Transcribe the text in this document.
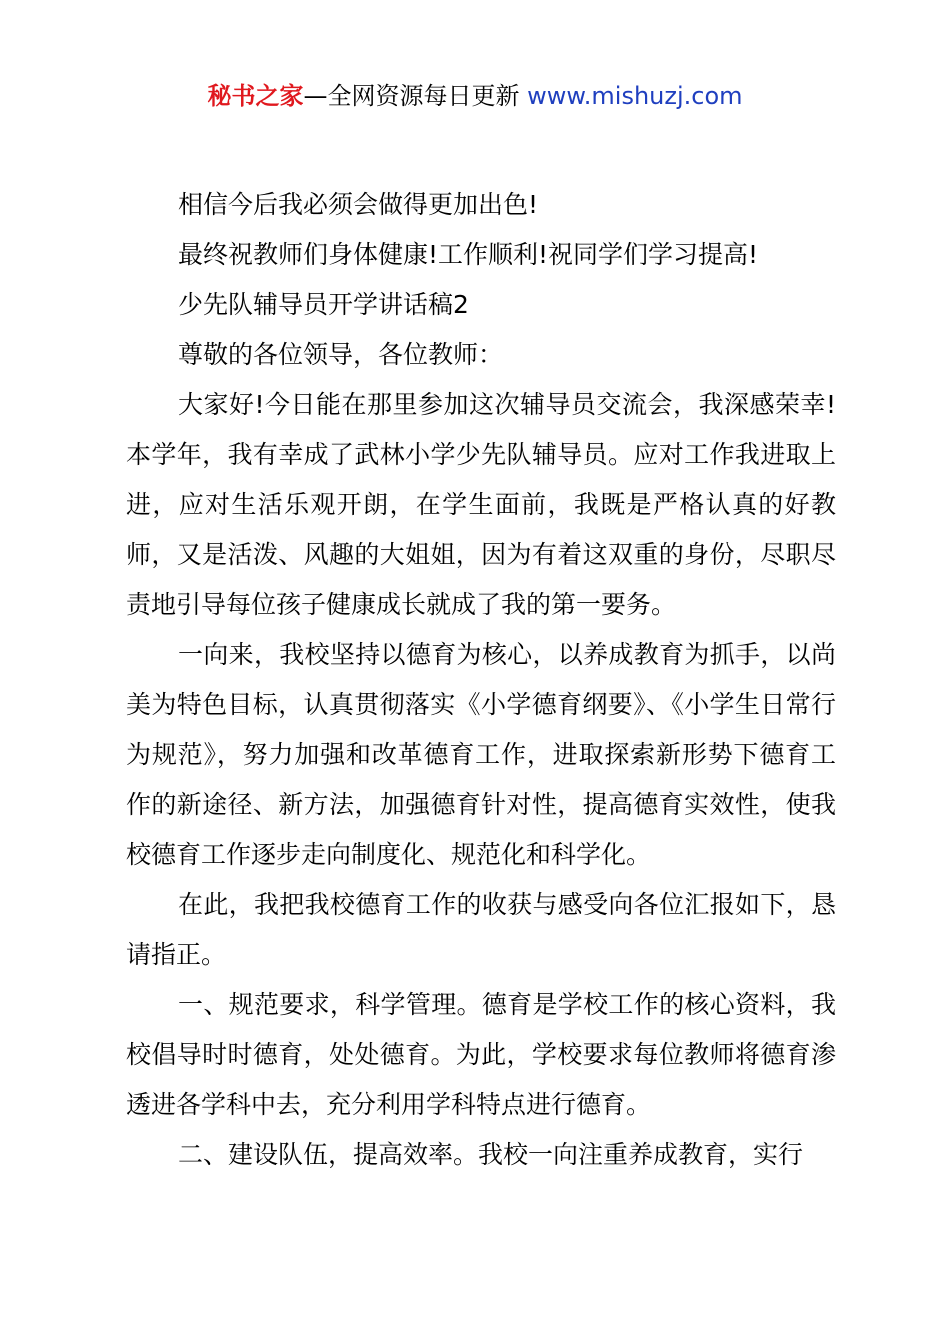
秘书之家—全网资源每日更新 www.mishuzj.com

相信今后我必须会做得更加出色!

最终祝教师们身体健康!工作顺利!祝同学们学习提高!

少先队辅导员开学讲话稿2

尊敬的各位领导，各位教师：

大家好!今日能在那里参加这次辅导员交流会，我深感荣幸!本学年，我有幸成了武林小学少先队辅导员。应对工作我进取上进，应对生活乐观开朗，在学生面前，我既是严格认真的好教师，又是活泼、风趣的大姐姐，因为有着这双重的身份，尽职尽责地引导每位孩子健康成长就成了我的第一要务。

一向来，我校坚持以德育为核心，以养成教育为抓手，以尚美为特色目标，认真贯彻落实《小学德育纲要》、《小学生日常行为规范》，努力加强和改革德育工作，进取探索新形势下德育工作的新途径、新方法，加强德育针对性，提高德育实效性，使我校德育工作逐步走向制度化、规范化和科学化。

在此，我把我校德育工作的收获与感受向各位汇报如下，恳请指正。

一、规范要求，科学管理。德育是学校工作的核心资料，我校倡导时时德育，处处德育。为此，学校要求每位教师将德育渗透进各学科中去，充分利用学科特点进行德育。

二、建设队伍，提高效率。我校一向注重养成教育，实行
